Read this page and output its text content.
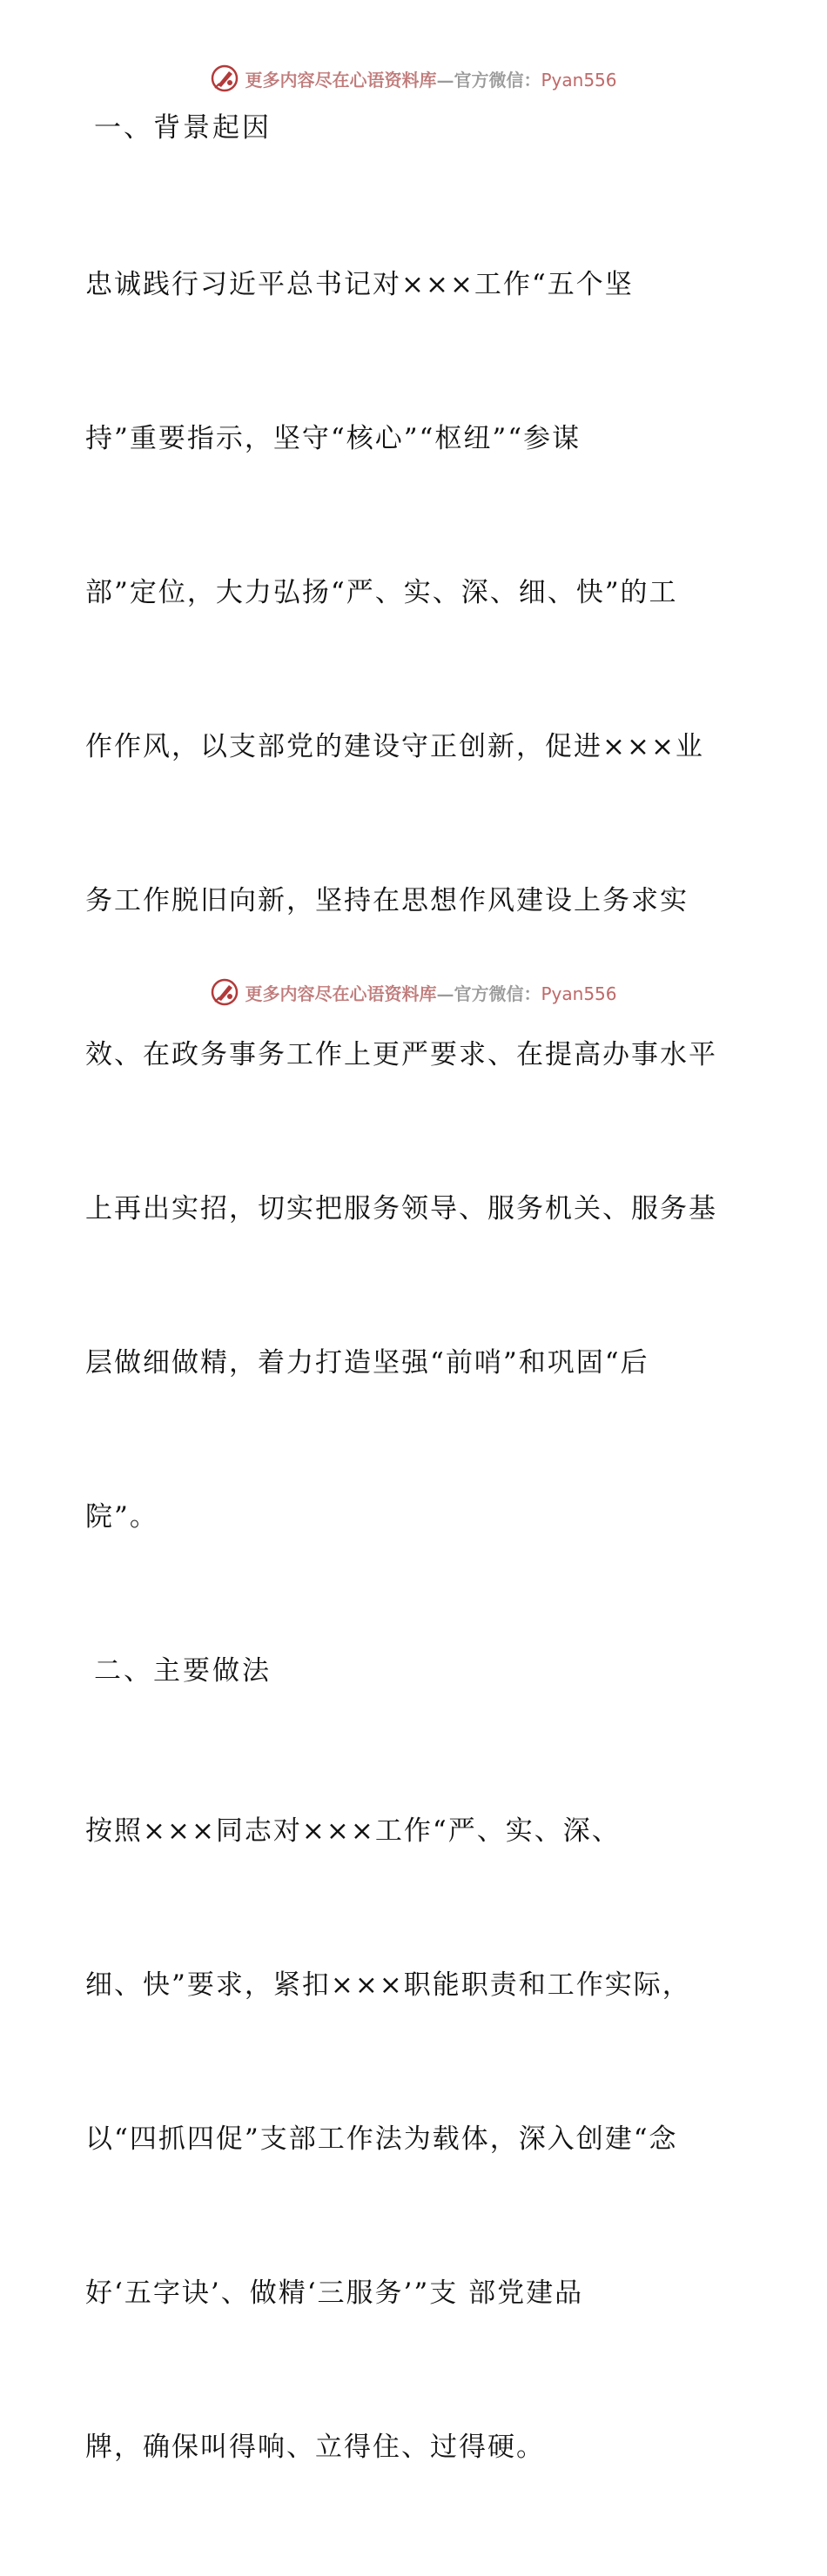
更多内容尽在心语资料库—官方微信：Pyan556
一、背景起因

忠诚践行习近平总书记对×××工作“五个坚

持”重要指示，坚守“核心”“枢纽”“参谋

部”定位，大力弘扬“严、实、深、细、快”的工

作作风，以支部党的建设守正创新，促进×××业

务工作脱旧向新，坚持在思想作风建设上务求实

效、在政务事务工作上更严要求、在提高办事水平

上再出实招，切实把服务领导、服务机关、服务基

层做细做精，着力打造坚强“前哨”和巩固“后

院”。

二、主要做法

按照×××同志对×××工作“严、实、深、

细、快”要求，紧扣×××职能职责和工作实际，

以“四抓四促”支部工作法为载体，深入创建“念

好‘五字诀’、做精‘三服务’”支 部党建品

牌，确保叫得响、立得住、过得硬。

更多内容尽在心语资料库—官方微信：Pyan556
